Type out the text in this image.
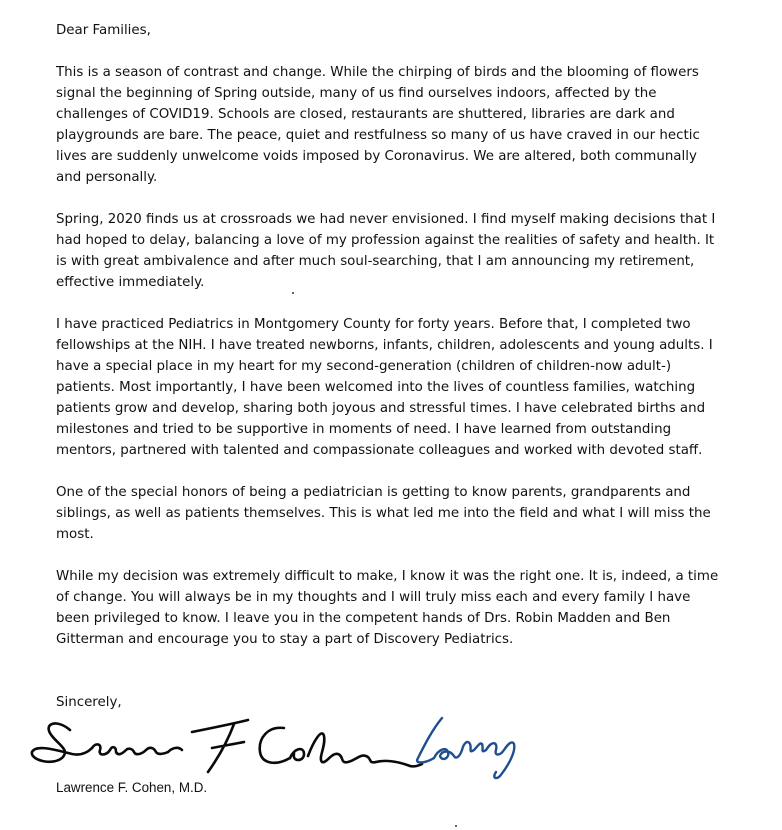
Dear Families,

This is a season of contrast and change. While the chirping of birds and the blooming of flowers signal the beginning of Spring outside, many of us find ourselves indoors, affected by the challenges of COVID19. Schools are closed, restaurants are shuttered, libraries are dark and playgrounds are bare. The peace, quiet and restfulness so many of us have craved in our hectic lives are suddenly unwelcome voids imposed by Coronavirus. We are altered, both communally and personally.

Spring, 2020 finds us at crossroads we had never envisioned. I find myself making decisions that I had hoped to delay, balancing a love of my profession against the realities of safety and health. It is with great ambivalence and after much soul-searching, that I am announcing my retirement, effective immediately.

I have practiced Pediatrics in Montgomery County for forty years. Before that, I completed two fellowships at the NIH. I have treated newborns, infants, children, adolescents and young adults. I have a special place in my heart for my second-generation (children of children-now adult-) patients. Most importantly, I have been welcomed into the lives of countless families, watching patients grow and develop, sharing both joyous and stressful times. I have celebrated births and milestones and tried to be supportive in moments of need. I have learned from outstanding mentors, partnered with talented and compassionate colleagues and worked with devoted staff.

One of the special honors of being a pediatrician is getting to know parents, grandparents and siblings, as well as patients themselves. This is what led me into the field and what I will miss the most.

While my decision was extremely difficult to make, I know it was the right one. It is, indeed, a time of change. You will always be in my thoughts and I will truly miss each and every family I have been privileged to know. I leave you in the competent hands of Drs. Robin Madden and Ben Gitterman and encourage you to stay a part of Discovery Pediatrics.

Sincerely,
Lawrence F. Cohen, M.D.
